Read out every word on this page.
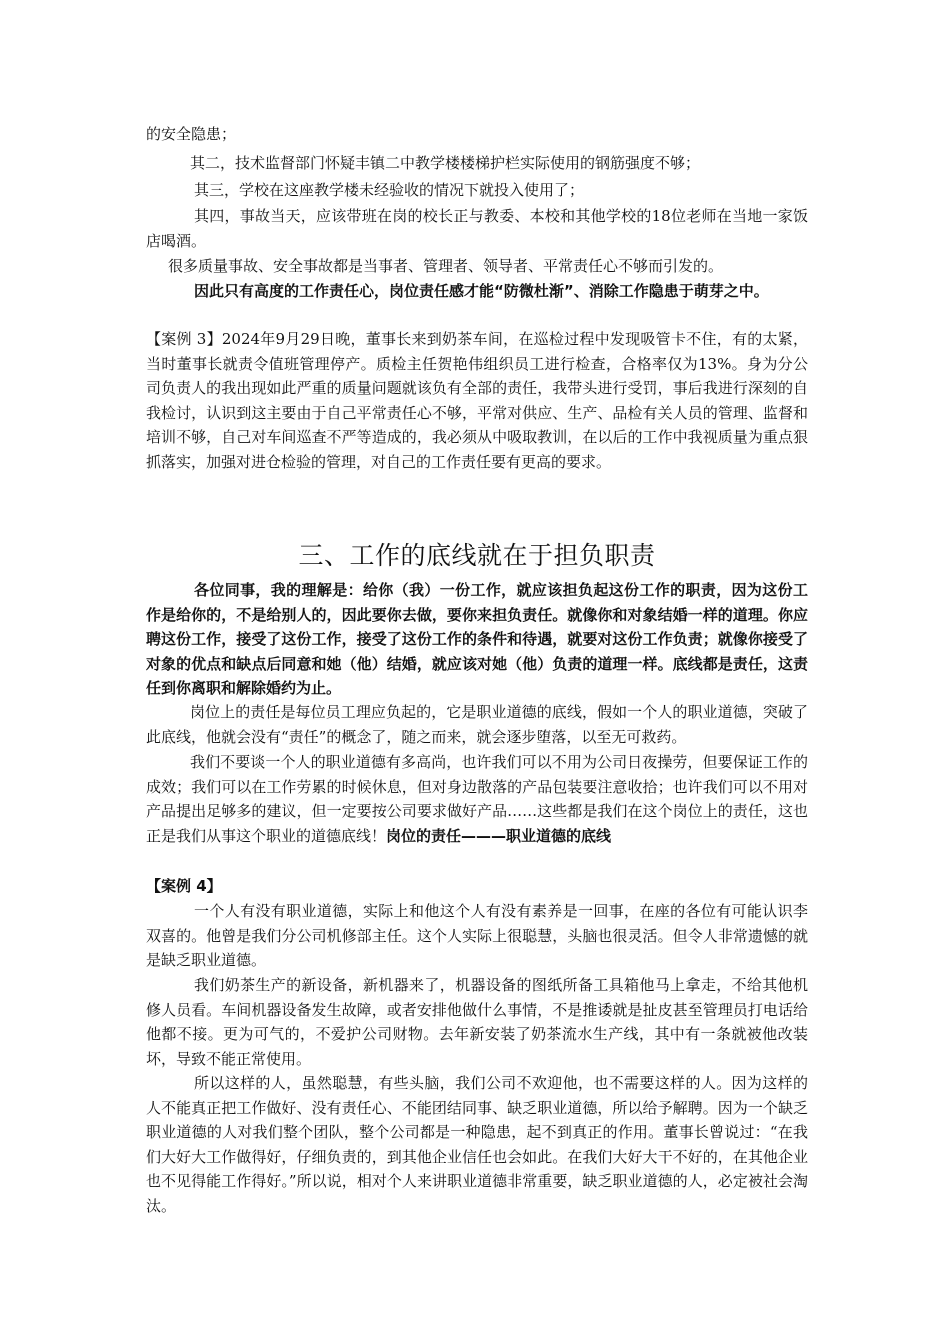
的安全隐患；

其二，技术监督部门怀疑丰镇二中教学楼楼梯护栏实际使用的钢筋强度不够；

其三，学校在这座教学楼未经验收的情况下就投入使用了；

其四，事故当天，应该带班在岗的校长正与教委、本校和其他学校的18位老师在当地一家饭店喝酒。

很多质量事故、安全事故都是当事者、管理者、领导者、平常责任心不够而引发的。

因此只有高度的工作责任心，岗位责任感才能“防微杜渐”、消除工作隐患于萌芽之中。

【案例 3】2024年9月29日晚，董事长来到奶茶车间，在巡检过程中发现吸管卡不住，有的太紧，当时董事长就责令值班管理停产。质检主任贺艳伟组织员工进行检查，合格率仅为13%。身为分公司负责人的我出现如此严重的质量问题就该负有全部的责任，我带头进行受罚，事后我进行深刻的自我检讨，认识到这主要由于自己平常责任心不够，平常对供应、生产、品检有关人员的管理、监督和培训不够，自己对车间巡查不严等造成的，我必须从中吸取教训，在以后的工作中我视质量为重点狠抓落实，加强对进仓检验的管理，对自己的工作责任要有更高的要求。

三、工作的底线就在于担负职责

各位同事，我的理解是：给你（我）一份工作，就应该担负起这份工作的职责，因为这份工作是给你的，不是给别人的，因此要你去做，要你来担负责任。就像你和对象结婚一样的道理。你应聘这份工作，接受了这份工作，接受了这份工作的条件和待遇，就要对这份工作负责；就像你接受了对象的优点和缺点后同意和她（他）结婚，就应该对她（他）负责的道理一样。底线都是责任，这责任到你离职和解除婚约为止。

岗位上的责任是每位员工理应负起的，它是职业道德的底线，假如一个人的职业道德，突破了此底线，他就会没有“责任”的概念了，随之而来，就会逐步堕落，以至无可救药。

我们不要谈一个人的职业道德有多高尚，也许我们可以不用为公司日夜操劳，但要保证工作的成效；我们可以在工作劳累的时候休息，但对身边散落的产品包装要注意收拾；也许我们可以不用对产品提出足够多的建议，但一定要按公司要求做好产品……这些都是我们在这个岗位上的责任，这也正是我们从事这个职业的道德底线！岗位的责任———职业道德的底线

【案例 4】

一个人有没有职业道德，实际上和他这个人有没有素养是一回事，在座的各位有可能认识李双喜的。他曾是我们分公司机修部主任。这个人实际上很聪慧，头脑也很灵活。但令人非常遗憾的就是缺乏职业道德。

我们奶茶生产的新设备，新机器来了，机器设备的图纸所备工具箱他马上拿走，不给其他机修人员看。车间机器设备发生故障，或者安排他做什么事情，不是推诿就是扯皮甚至管理员打电话给他都不接。更为可气的，不爱护公司财物。去年新安装了奶茶流水生产线，其中有一条就被他改装坏，导致不能正常使用。

所以这样的人，虽然聪慧，有些头脑，我们公司不欢迎他，也不需要这样的人。因为这样的人不能真正把工作做好、没有责任心、不能团结同事、缺乏职业道德，所以给予解聘。因为一个缺乏职业道德的人对我们整个团队，整个公司都是一种隐患，起不到真正的作用。董事长曾说过：“在我们大好大工作做得好，仔细负责的，到其他企业信任也会如此。在我们大好大干不好的，在其他企业也不见得能工作得好。”所以说，相对个人来讲职业道德非常重要，缺乏职业道德的人，必定被社会淘汰。
